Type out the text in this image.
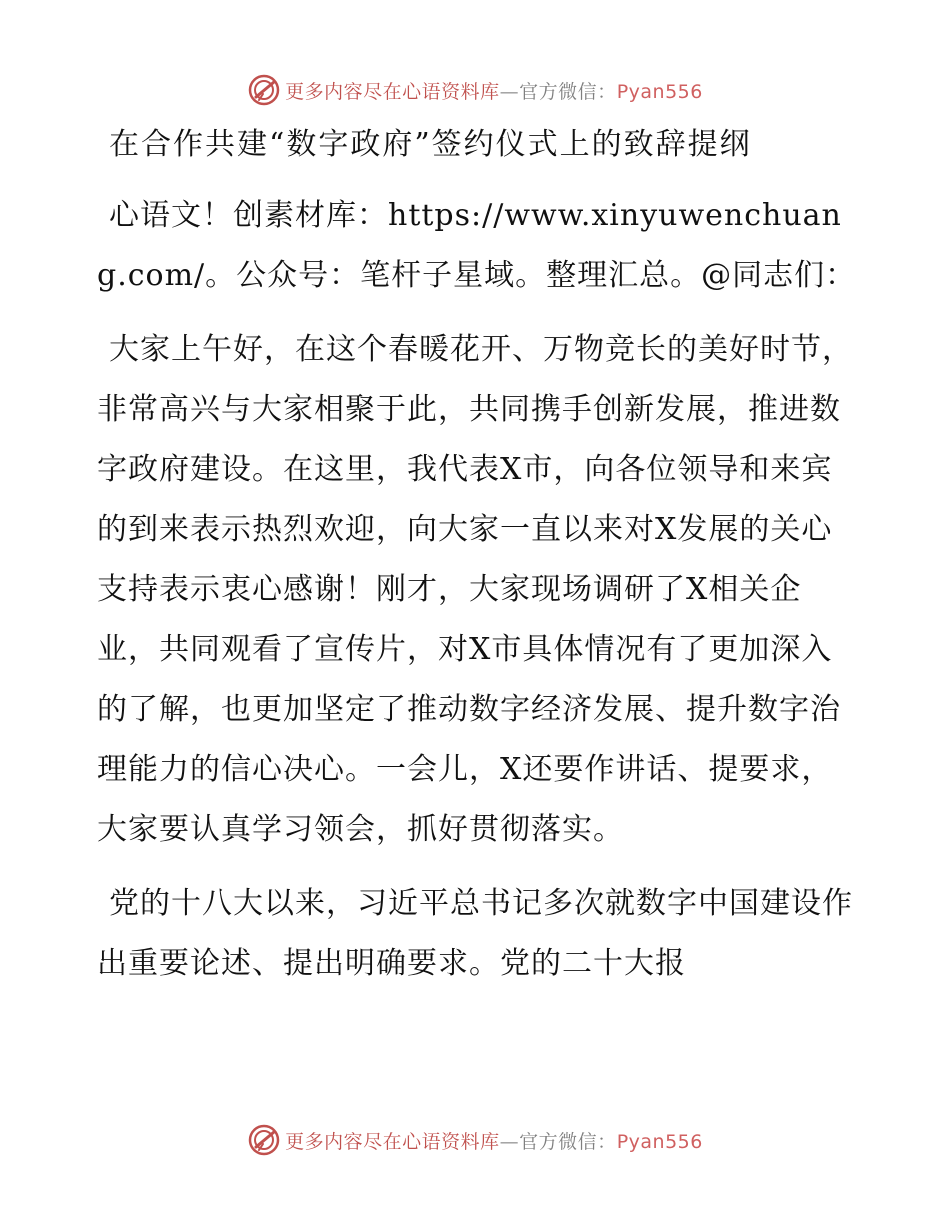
更多内容尽在心语资料库—官方微信：Pyan556
在合作共建“数字政府”签约仪式上的致辞提纲

心语文！创素材库：https://www.xinyuwenchuang.com/。公众号：笔杆子星域。整理汇总。@同志们：

大家上午好，在这个春暖花开、万物竞长的美好时节，非常高兴与大家相聚于此，共同携手创新发展，推进数字政府建设。在这里，我代表X市，向各位领导和来宾的到来表示热烈欢迎，向大家一直以来对X发展的关心支持表示衷心感谢！刚才，大家现场调研了X相关企业，共同观看了宣传片，对X市具体情况有了更加深入的了解，也更加坚定了推动数字经济发展、提升数字治理能力的信心决心。一会儿，X还要作讲话、提要求，大家要认真学习领会，抓好贯彻落实。

党的十八大以来，习近平总书记多次就数字中国建设作出重要论述、提出明确要求。党的二十大报

更多内容尽在心语资料库—官方微信：Pyan556
